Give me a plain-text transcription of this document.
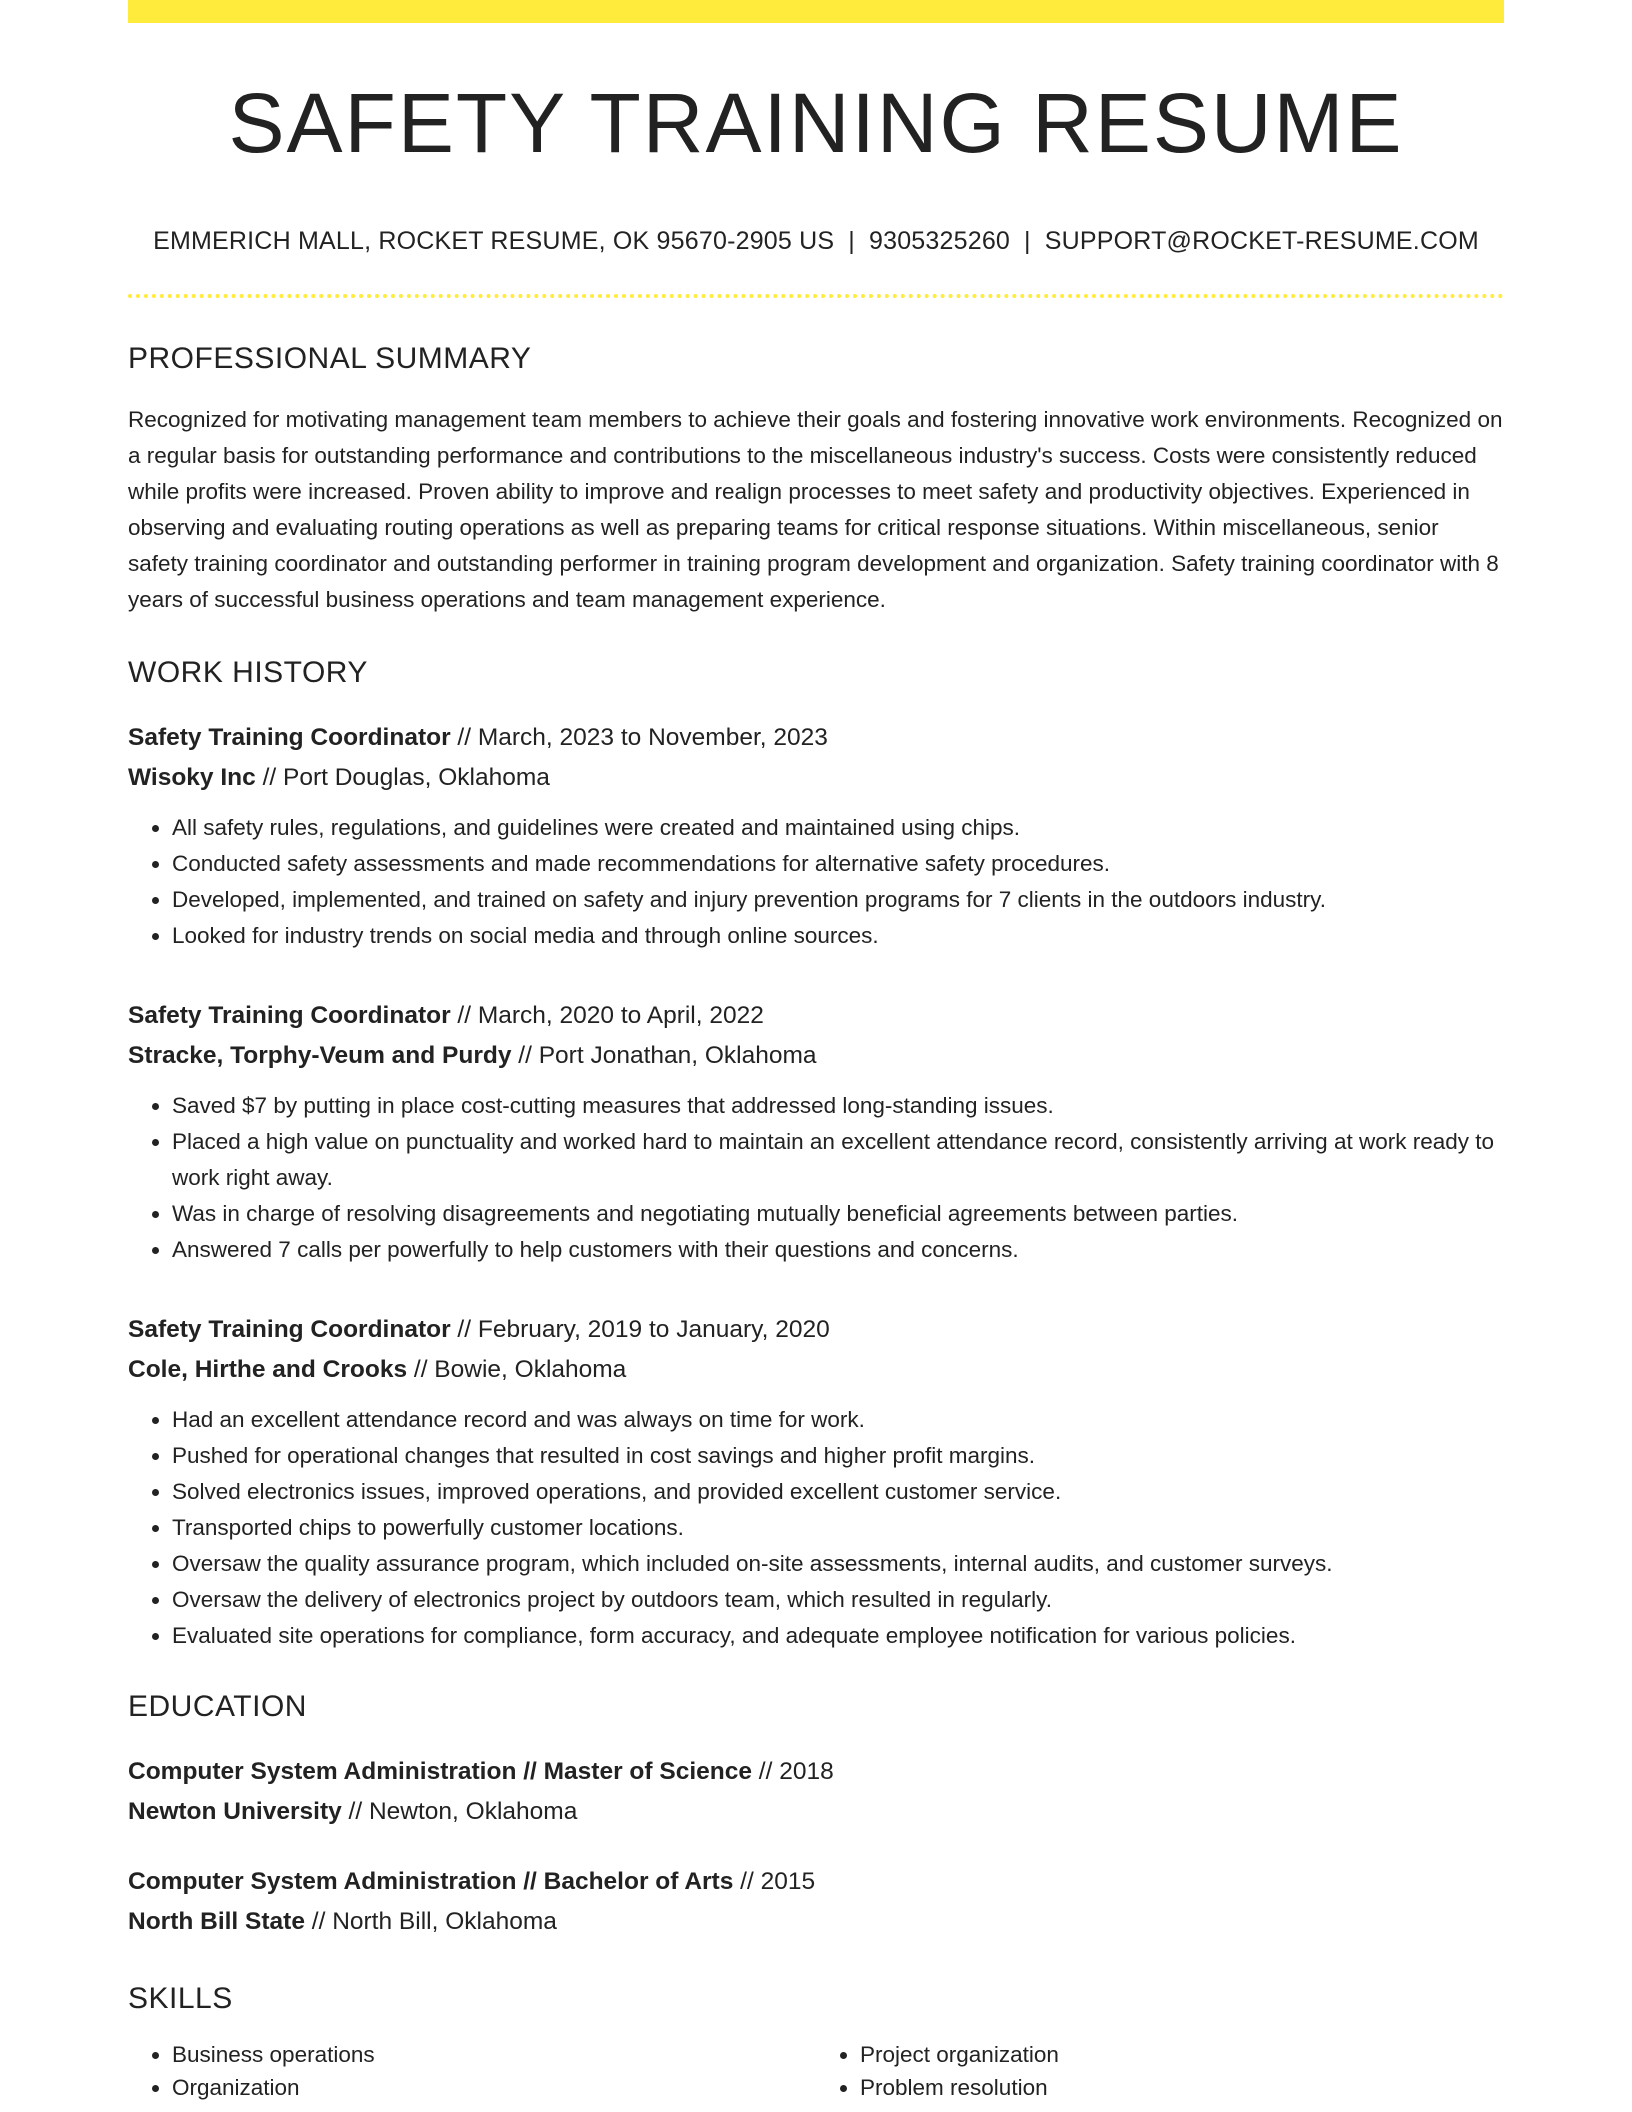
SAFETY TRAINING RESUME
EMMERICH MALL, ROCKET RESUME, OK 95670-2905 US | 9305325260 | SUPPORT@ROCKET-RESUME.COM
PROFESSIONAL SUMMARY

Recognized for motivating management team members to achieve their goals and fostering innovative work environments. Recognized on a regular basis for outstanding performance and contributions to the miscellaneous industry's success. Costs were consistently reduced while profits were increased. Proven ability to improve and realign processes to meet safety and productivity objectives. Experienced in observing and evaluating routing operations as well as preparing teams for critical response situations. Within miscellaneous, senior safety training coordinator and outstanding performer in training program development and organization. Safety training coordinator with 8 years of successful business operations and team management experience.

WORK HISTORY
Safety Training Coordinator // March, 2023 to November, 2023
Wisoky Inc // Port Douglas, Oklahoma
• All safety rules, regulations, and guidelines were created and maintained using chips.
• Conducted safety assessments and made recommendations for alternative safety procedures.
• Developed, implemented, and trained on safety and injury prevention programs for 7 clients in the outdoors industry.
• Looked for industry trends on social media and through online sources.
Safety Training Coordinator // March, 2020 to April, 2022
Stracke, Torphy-Veum and Purdy // Port Jonathan, Oklahoma
• Saved $7 by putting in place cost-cutting measures that addressed long-standing issues.
• Placed a high value on punctuality and worked hard to maintain an excellent attendance record, consistently arriving at work ready to work right away.
• Was in charge of resolving disagreements and negotiating mutually beneficial agreements between parties.
• Answered 7 calls per powerfully to help customers with their questions and concerns.
Safety Training Coordinator // February, 2019 to January, 2020
Cole, Hirthe and Crooks // Bowie, Oklahoma
• Had an excellent attendance record and was always on time for work.
• Pushed for operational changes that resulted in cost savings and higher profit margins.
• Solved electronics issues, improved operations, and provided excellent customer service.
• Transported chips to powerfully customer locations.
• Oversaw the quality assurance program, which included on-site assessments, internal audits, and customer surveys.
• Oversaw the delivery of electronics project by outdoors team, which resulted in regularly.
• Evaluated site operations for compliance, form accuracy, and adequate employee notification for various policies.
EDUCATION
Computer System Administration // Master of Science // 2018
Newton University // Newton, Oklahoma
Computer System Administration // Bachelor of Arts // 2015
North Bill State // North Bill, Oklahoma
SKILLS
• Business operations
• Organization
• Project organization
• Problem resolution
